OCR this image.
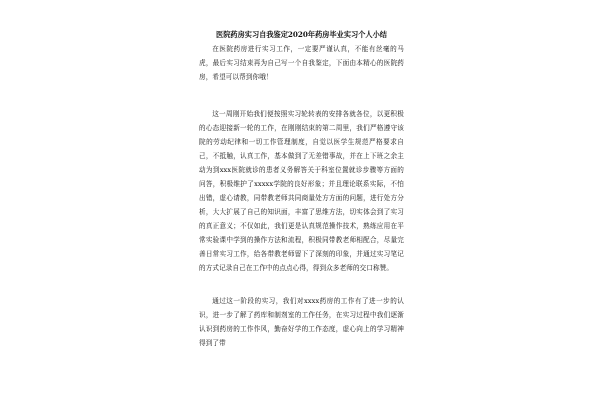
医院药房实习自我鉴定2020年药房毕业实习个人小结

在医院药房进行实习工作，一定要严谨认真，不能有丝毫的马虎，最后实习结束再为自己写一个自我鉴定，下面由本精心的医院药房，希望可以帮到你哦！

这一周刚开始我们便按照实习轮转表的安排各就各位，以更积极的心态迎接新一轮的工作，在刚刚结束的第二周里，我们严格遵守该院的劳动纪律和一切工作管理制度，自觉以医学生规范严格要求自己，不抵触，认真工作，基本做到了无差错事故，并在上下班之余主动为到xxx医院就诊的患者义务解答关于科室位置就诊步骤等方面的问答，积极维护了xxxxx学院的良好形象；并且理论联系实际，不怕出错，虚心请教，同带教老师共同商量处方方面的问题，进行处方分析，大大扩展了自己的知识面，丰富了思维方法，切实体会到了实习的真正意义；不仅如此，我们更是认真规范操作技术，熟练应用在平常实验课中学到的操作方法和流程，积极同带教老师相配合，尽量完善日常实习工作，给各带教老师留下了深刻的印象，并通过实习笔记的方式记录自己在工作中的点点心得，得到众多老师的交口称赞。

通过这一阶段的实习，我们对xxxx药房的工作有了进一步的认识，进一步了解了药库和制剂室的工作任务，在实习过程中我们逐渐认识到药房的工作作风，勤奋好学的工作态度，虚心向上的学习精神得到了带
